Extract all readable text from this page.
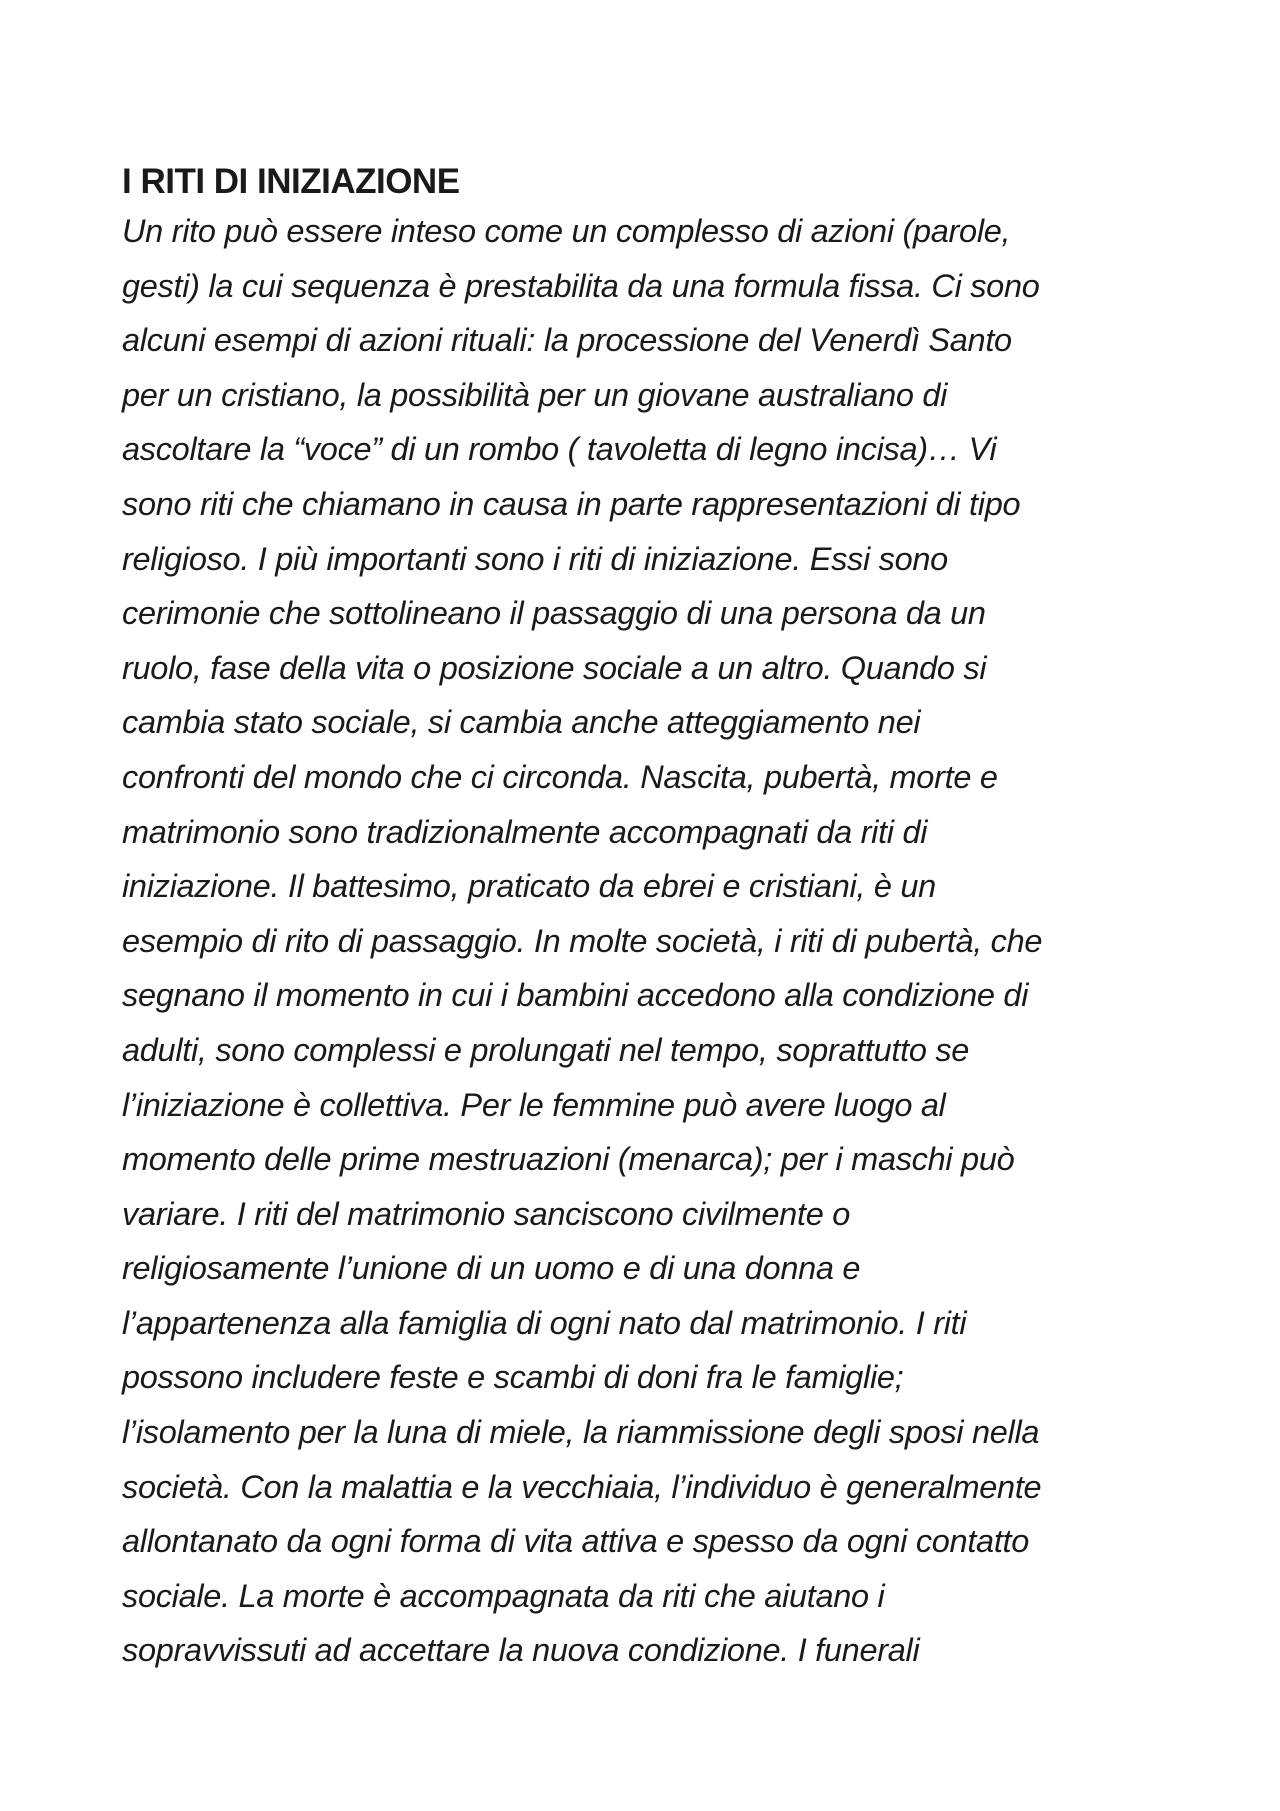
I RITI DI INIZIAZIONE
Un rito può essere inteso come un complesso di azioni (parole,
gesti) la cui sequenza è prestabilita da una formula fissa. Ci sono
alcuni esempi di azioni rituali: la processione del Venerdì Santo
per un cristiano, la possibilità per un giovane australiano di
ascoltare la “voce” di un rombo ( tavoletta di legno incisa)… Vi
sono riti che chiamano in causa in parte rappresentazioni di tipo
religioso. I più importanti sono i riti di iniziazione. Essi sono
cerimonie che sottolineano il passaggio di una persona da un
ruolo, fase della vita o posizione sociale a un altro. Quando si
cambia stato sociale, si cambia anche atteggiamento nei
confronti del mondo che ci circonda. Nascita, pubertà, morte e
matrimonio sono tradizionalmente accompagnati da riti di
iniziazione. Il battesimo, praticato da ebrei e cristiani, è un
esempio di rito di passaggio. In molte società, i riti di pubertà, che
segnano il momento in cui i bambini accedono alla condizione di
adulti, sono complessi e prolungati nel tempo, soprattutto se
l’iniziazione è collettiva. Per le femmine può avere luogo al
momento delle prime mestruazioni (menarca); per i maschi può
variare. I riti del matrimonio sanciscono civilmente o
religiosamente l’unione di un uomo e di una donna e
l’appartenenza alla famiglia di ogni nato dal matrimonio. I riti
possono includere feste e scambi di doni fra le famiglie;
l’isolamento per la luna di miele, la riammissione degli sposi nella
società. Con la malattia e la vecchiaia, l’individuo è generalmente
allontanato da ogni forma di vita attiva e spesso da ogni contatto
sociale. La morte è accompagnata da riti che aiutano i
sopravvissuti ad accettare la nuova condizione. I funerali
